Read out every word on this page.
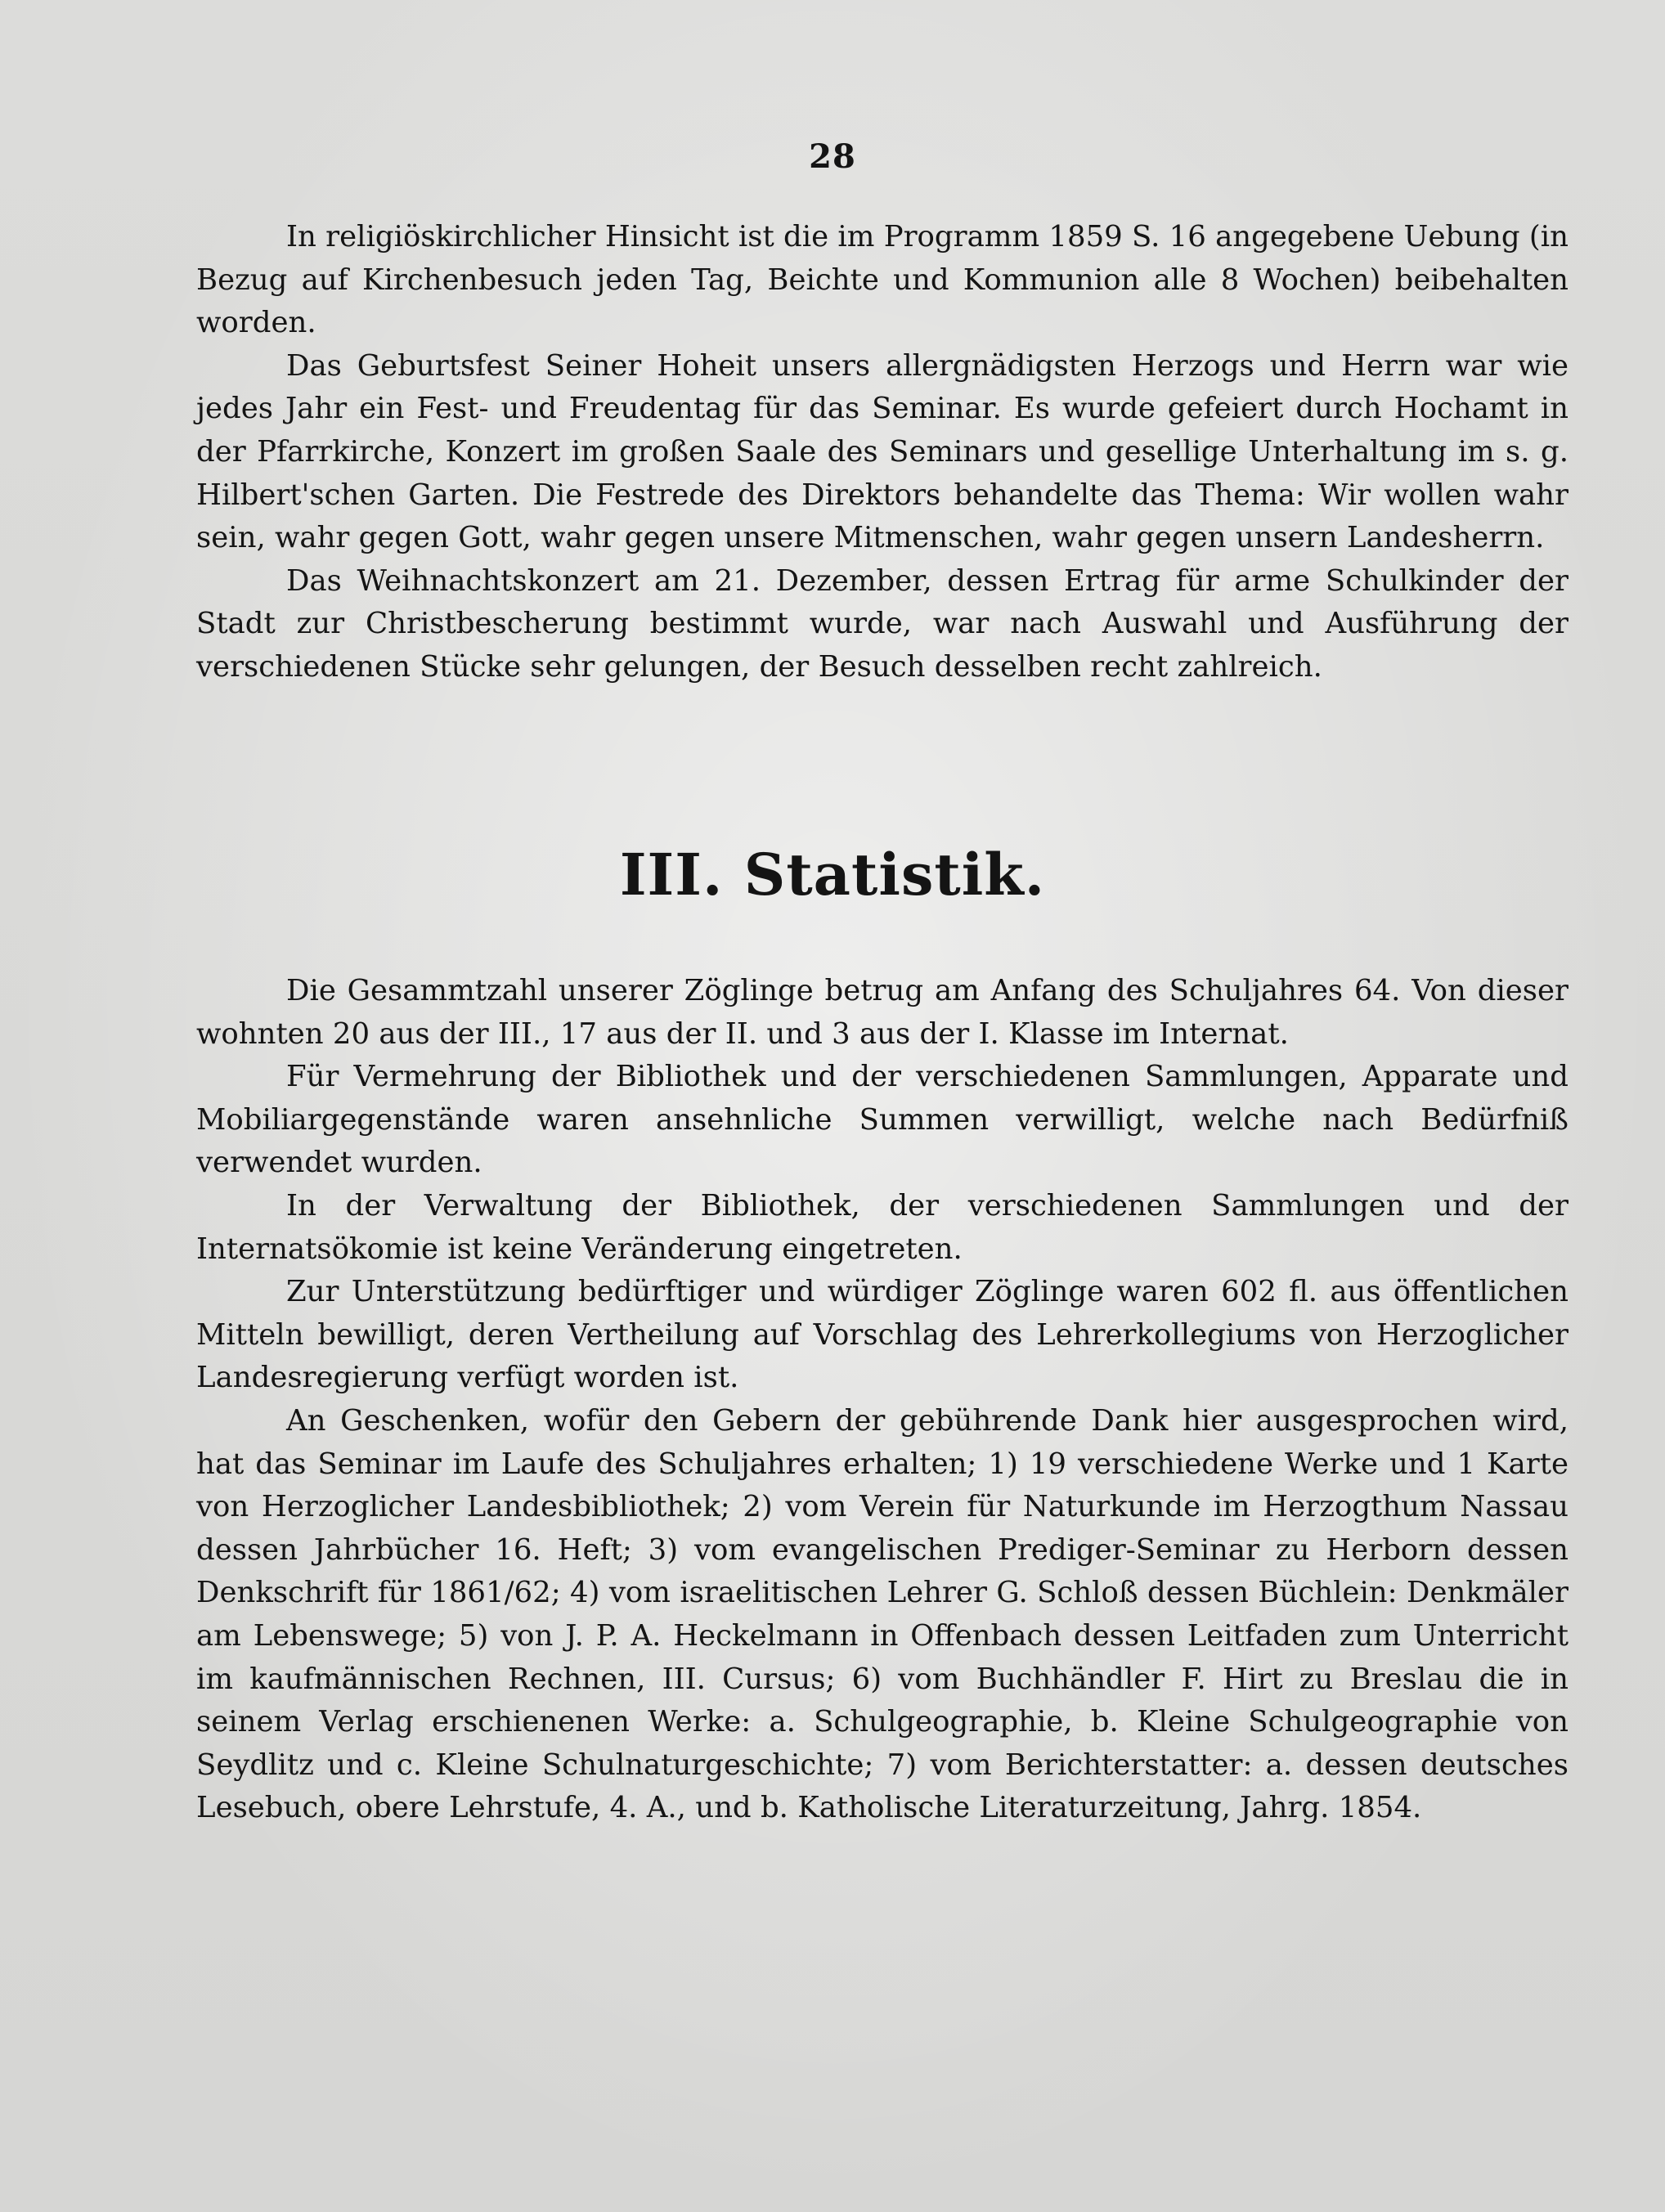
28

In religiöskirchlicher Hinsicht ist die im Programm 1859 S. 16 angegebene Uebung (in Bezug auf Kirchenbesuch jeden Tag, Beichte und Kommunion alle 8 Wochen) beibehalten worden.

Das Geburtsfest Seiner Hoheit unsers allergnädigsten Herzogs und Herrn war wie jedes Jahr ein Fest- und Freudentag für das Seminar. Es wurde gefeiert durch Hochamt in der Pfarrkirche, Konzert im großen Saale des Seminars und gesellige Unterhaltung im s. g. Hilbert'schen Garten. Die Festrede des Direktors behandelte das Thema: Wir wollen wahr sein, wahr gegen Gott, wahr gegen unsere Mitmenschen, wahr gegen unsern Landesherrn.

Das Weihnachtskonzert am 21. Dezember, dessen Ertrag für arme Schulkinder der Stadt zur Christbescherung bestimmt wurde, war nach Auswahl und Ausführung der verschiedenen Stücke sehr gelungen, der Besuch desselben recht zahlreich.

III. Statistik.

Die Gesammtzahl unserer Zöglinge betrug am Anfang des Schuljahres 64. Von dieser wohnten 20 aus der III., 17 aus der II. und 3 aus der I. Klasse im Internat.

Für Vermehrung der Bibliothek und der verschiedenen Sammlungen, Apparate und Mobiliargegenstände waren ansehnliche Summen verwilligt, welche nach Bedürfniß verwendet wurden.

In der Verwaltung der Bibliothek, der verschiedenen Sammlungen und der Internatsökomie ist keine Veränderung eingetreten.

Zur Unterstützung bedürftiger und würdiger Zöglinge waren 602 fl. aus öffentlichen Mitteln bewilligt, deren Vertheilung auf Vorschlag des Lehrerkollegiums von Herzoglicher Landesregierung verfügt worden ist.

An Geschenken, wofür den Gebern der gebührende Dank hier ausgesprochen wird, hat das Seminar im Laufe des Schuljahres erhalten; 1) 19 verschiedene Werke und 1 Karte von Herzoglicher Landesbibliothek; 2) vom Verein für Naturkunde im Herzogthum Nassau dessen Jahrbücher 16. Heft; 3) vom evangelischen Prediger-Seminar zu Herborn dessen Denkschrift für 1861/62; 4) vom israelitischen Lehrer G. Schloß dessen Büchlein: Denkmäler am Lebenswege; 5) von J. P. A. Heckelmann in Offenbach dessen Leitfaden zum Unterricht im kaufmännischen Rechnen, III. Cursus; 6) vom Buchhändler F. Hirt zu Breslau die in seinem Verlag erschienenen Werke: a. Schulgeographie, b. Kleine Schulgeographie von Seydlitz und c. Kleine Schulnaturgeschichte; 7) vom Berichterstatter: a. dessen deutsches Lesebuch, obere Lehrstufe, 4. A., und b. Katholische Literaturzeitung, Jahrg. 1854.
